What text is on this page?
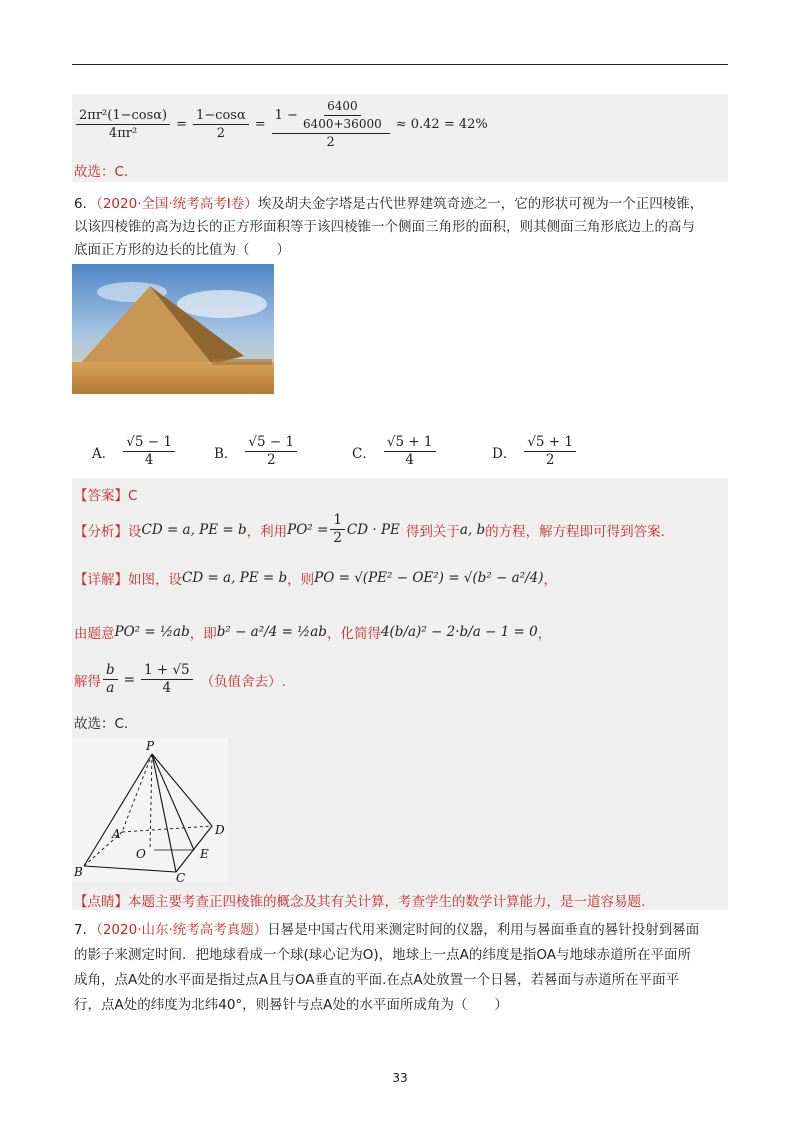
$\frac{\text{2πr²(1−cosα)}}{\text{4πr²}} = \frac{1-\cos\alpha}{2} = \frac{1 - \frac{6400}{6400+36000}}{2} \approx 0.42 = 42\%$
故选：C.
6．（2020·全国·统考高考Ⅰ卷）埃及胡夫金字塔是古代世界建筑奇迹之一，它的形状可视为一个正四棱锥，
以该四棱锥的高为边长的正方形面积等于该四棱锥一个侧面三角形的面积，则其侧面三角形底边上的高与
底面正方形的边长的比值为（　　）
A． $\frac{√5 - 1}{4}$	B． $\frac{√5 - 1}{2}$	C． $\frac{√5 + 1}{4}$	D． $\frac{√5 + 1}{2}$
【答案】C
【分析】 设 CD = a, PE = b ，利用 $PO^2 = \frac{1}{2}$ CD · PE 得到关于 a, b 的方程，解方程即可得到答案.
【详解】 如图，设 CD = a, PE = b ，则 PO = √(PE² − OE²) = √(b² − a²/4) ，
由题意 PO² = ½ab ，即 b² − a²/4 = ½ab ，化简得 4(b/a)² − 2·b/a − 1 = 0 ，
解得 $\frac{b}{a} = \frac{1 + √5}{4}$ （负值舍去）.
故选：C.
P
A	D
O	E
B	C
【点睛】本题主要考查正四棱锥的概念及其有关计算，考查学生的数学计算能力，是一道容易题.
7．（2020·山东·统考高考真题）日晷是中国古代用来测定时间的仪器，利用与晷面垂直的晷针投射到晷面
的影子来测定时间．把地球看成一个球(球心记为O)，地球上一点A的纬度是指OA与地球赤道所在平面所
成角，点A处的水平面是指过点A且与OA垂直的平面.在点A处放置一个日晷，若晷面与赤道所在平面平
行，点A处的纬度为北纬40°，则晷针与点A处的水平面所成角为（　　）
33
